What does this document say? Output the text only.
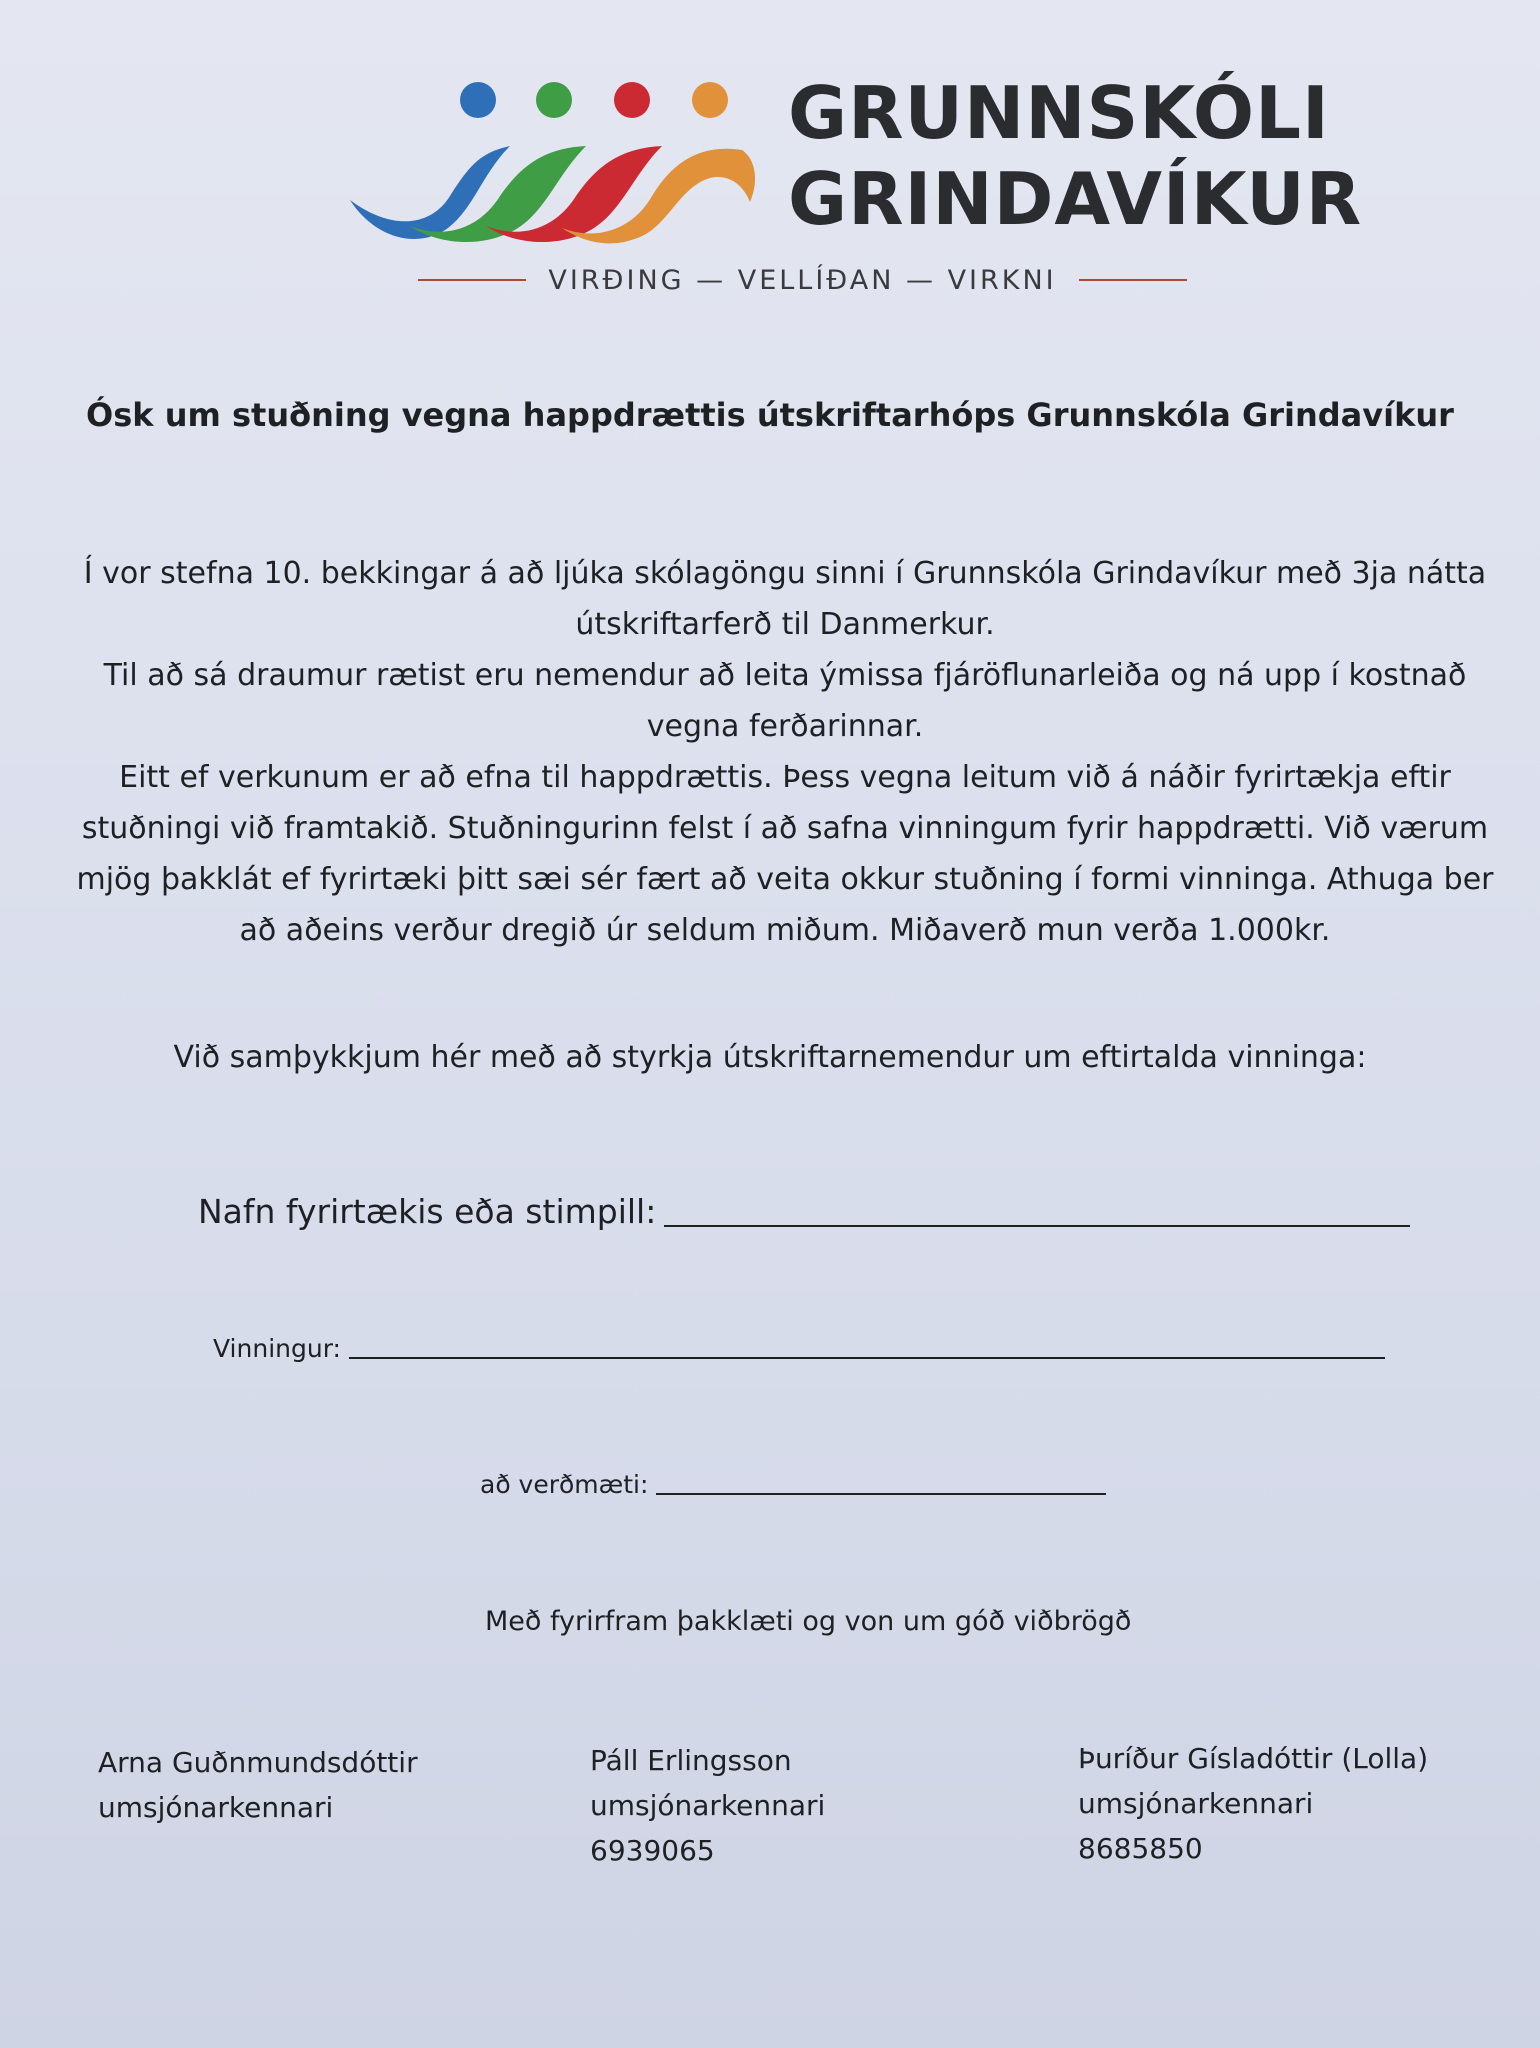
GRUNNSKÓLI
GRINDAVÍKUR
VIRÐING — VELLÍÐAN — VIRKNI
Ósk um stuðning vegna happdrættis útskriftarhóps Grunnskóla Grindavíkur

Í vor stefna 10. bekkingar á að ljúka skólagöngu sinni í Grunnskóla Grindavíkur með 3ja nátta

útskriftarferð til Danmerkur.

Til að sá draumur rætist eru nemendur að leita ýmissa fjáröflunarleiða og ná upp í kostnað

vegna ferðarinnar.

Eitt ef verkunum er að efna til happdrættis. Þess vegna leitum við á náðir fyrirtækja eftir

stuðningi við framtakið. Stuðningurinn felst í að safna vinningum fyrir happdrætti. Við værum

mjög þakklát ef fyrirtæki þitt sæi sér fært að veita okkur stuðning í formi vinninga. Athuga ber

að aðeins verður dregið úr seldum miðum. Miðaverð mun verða 1.000kr.

Við samþykkjum hér með að styrkja útskriftarnemendur um eftirtalda vinninga:
Nafn fyrirtækis eða stimpill:
Vinningur:
að verðmæti:
Með fyrirfram þakklæti og von um góð viðbrögð
Arna Guðnmundsdóttir
umsjónarkennari
Páll Erlingsson
umsjónarkennari
6939065
Þuríður Gísladóttir (Lolla)
umsjónarkennari
8685850
